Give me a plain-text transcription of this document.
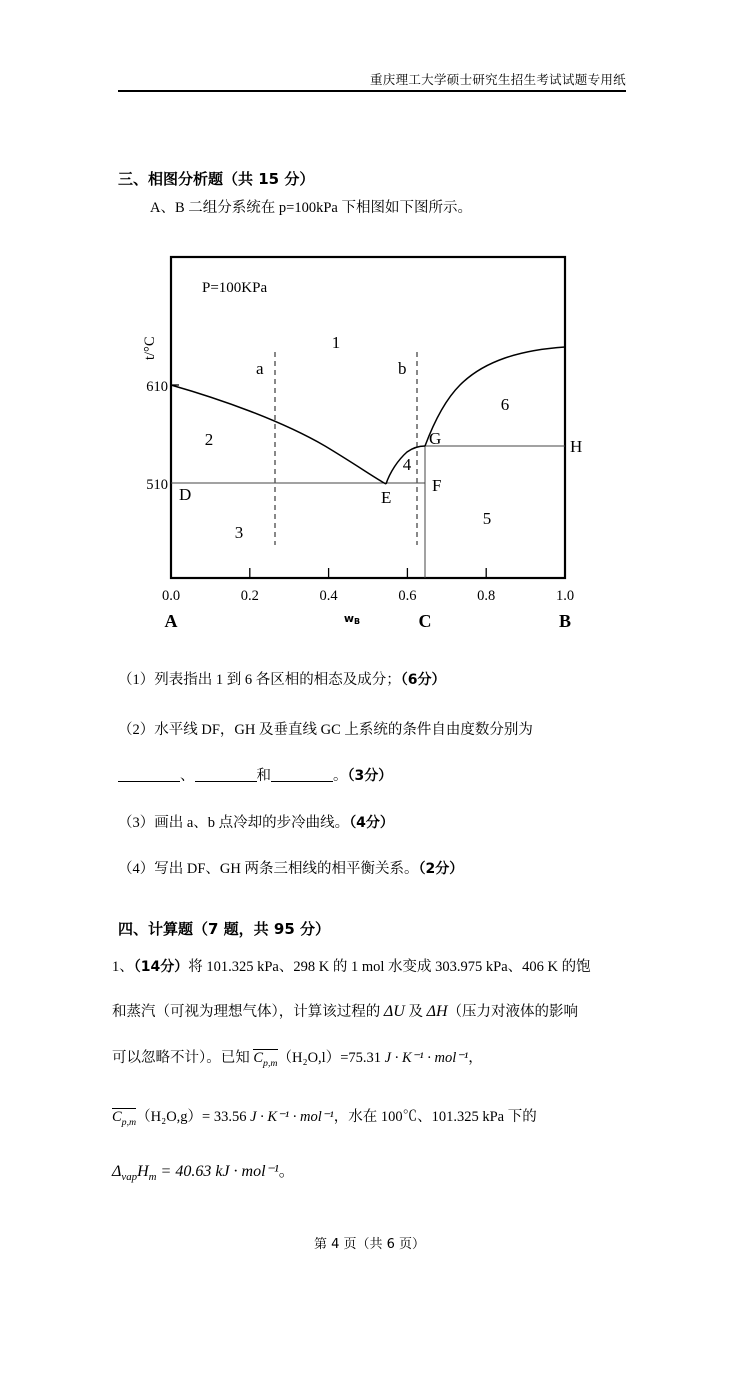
重庆理工大学硕士研究生招生考试试题专用纸
三、相图分析题（共 15 分）
A、B 二组分系统在 p=100kPa 下相图如下图所示。
t/°C
P=100KPa
610
510
0.0	0.2	0.4	0.6	0.8	1.0
A	C	B
wB
1
2
3
4
5
6
D	E
F
G	H
a	b
（1）列表指出 1 到 6 各区相的相态及成分；（6分）
（2）水平线 DF，GH 及垂直线 GC 上系统的条件自由度数分别为
、	和	。（3分）
（3）画出 a、b 点冷却的步冷曲线。（4分）
（4）写出 DF、GH 两条三相线的相平衡关系。（2分）
四、计算题（7 题，共 95 分）
1、（14分）将 101.325 kPa、298 K 的 1 mol 水变成 303.975 kPa、406 K 的饱
和蒸汽（可视为理想气体），计算该过程的 ΔU 及 ΔH（压力对液体的影响
可以忽略不计）。已知 $C_{p,m}(H_2O,l)=75.31$ J · K⁻¹ · mol⁻¹，
$C_{p,m}(H_2O,g)= 33.56$ J · K⁻¹ · mol⁻¹，水在 100℃、101.325 kPa 下的
$\Delta_{vap}H_m = 40.63$ kJ · mol⁻¹。
第 4 页（共 6 页）
